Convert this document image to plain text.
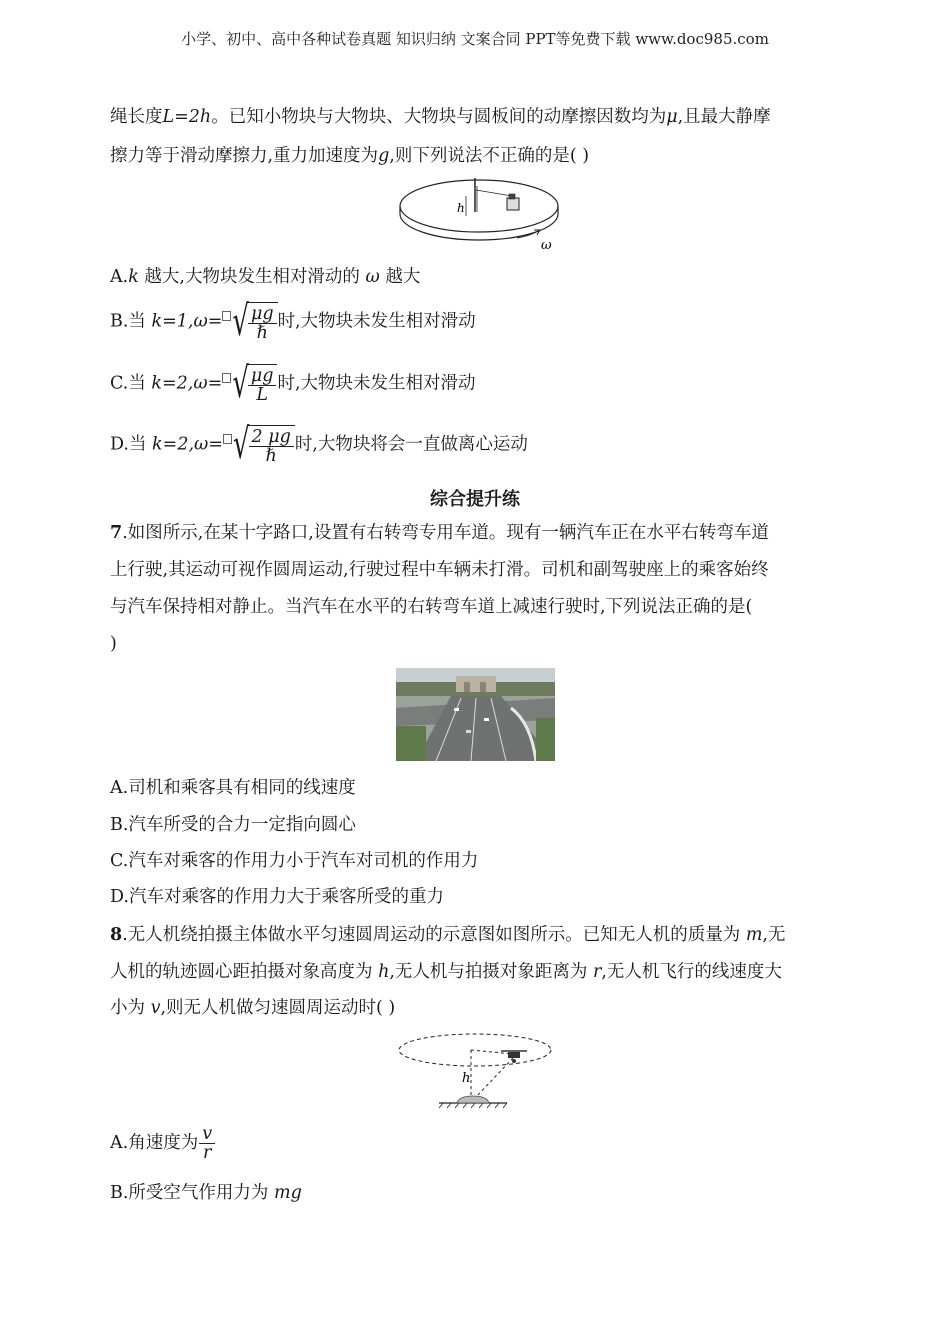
小学、初中、高中各种试卷真题 知识归纳 文案合同 PPT等免费下载 www.doc985.com
绳长度L=2h。已知小物块与大物块、大物块与圆板间的动摩擦因数均为μ,且最大静摩
擦力等于滑动摩擦力,重力加速度为g,则下列说法不正确的是( )
h
ω
A.k 越大,大物块发生相对滑动的 ω 越大
B.当 k=1,ω= √ $\frac{\mu g}{\text{ℏ}}$ 时,大物块未发生相对滑动
C.当 k=2,ω= √ $\frac{\mu g}{L}$ 时,大物块未发生相对滑动
D.当 k=2,ω= √ $\frac{2 \mu g}{\text{ℏ}}$ 时,大物块将会一直做离心运动
综合提升练
7.如图所示,在某十字路口,设置有右转弯专用车道。现有一辆汽车正在水平右转弯车道
上行驶,其运动可视作圆周运动,行驶过程中车辆未打滑。司机和副驾驶座上的乘客始终
与汽车保持相对静止。当汽车在水平的右转弯车道上减速行驶时,下列说法正确的是(
)
A.司机和乘客具有相同的线速度
B.汽车所受的合力一定指向圆心
C.汽车对乘客的作用力小于汽车对司机的作用力
D.汽车对乘客的作用力大于乘客所受的重力
8.无人机绕拍摄主体做水平匀速圆周运动的示意图如图所示。已知无人机的质量为 m,无
人机的轨迹圆心距拍摄对象高度为 h,无人机与拍摄对象距离为 r,无人机飞行的线速度大
小为 v,则无人机做匀速圆周运动时( )
h
A.角速度为 $\frac{v}{r}$
B.所受空气作用力为 mg
